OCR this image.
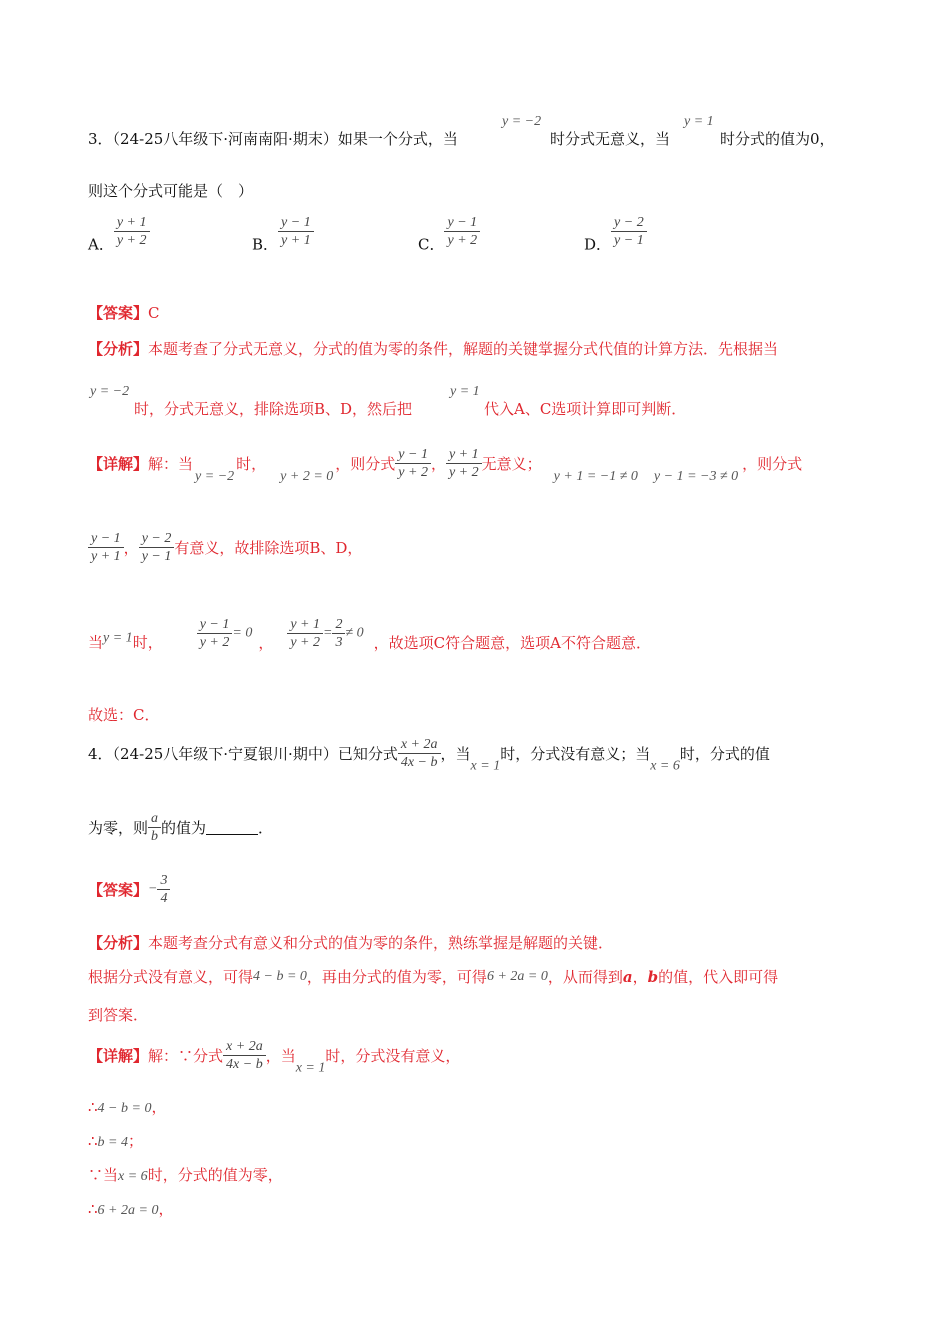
3．（24-25八年级下·河南南阳·期末）如果一个分式，当
y = −2
时分式无意义，当
y = 1
时分式的值为0，
则这个分式可能是（　）
A． $\frac{y + 1}{y + 2}$	B． $\frac{y - 1}{y + 1}$	C． $\frac{y - 1}{y + 2}$	D． $\frac{y - 2}{y - 1}$
【答案】C
【分析】本题考查了分式无意义，分式的值为零的条件，解题的关键掌握分式代值的计算方法．先根据当
y = −2
时，分式无意义，排除选项B、D，然后把
y = 1
代入A、C选项计算即可判断．
【详解】解：当y = −2时，y + 2 = 0，则分式 $\frac{y - 1}{y + 2}$ ， $\frac{y + 1}{y + 2}$ 无意义；y + 1 = −1 ≠ 0 y − 1 = −3 ≠ 0，则分式
$\frac{y - 1}{y + 1}$ ， $\frac{y - 2}{y - 1}$ 有意义，故排除选项B、D，
当y = 1时， $\frac{y - 1}{y + 2} = 0$， $\frac{y + 1}{y + 2} = \frac{2}{3} \ne 0$，故选项C符合题意，选项A不符合题意．
故选：C．
4．（24-25八年级下·宁夏银川·期中）已知分式 $\frac{x + 2a}{4x - b}$ ，当x = 1时，分式没有意义；当x = 6时，分式的值
为零，则 $\frac{a}{b}$ 的值为	．
【答案】− $\frac{3}{4}$
【分析】本题考查分式有意义和分式的值为零的条件，熟练掌握是解题的关键．
根据分式没有意义，可得4 − b = 0，再由分式的值为零，可得6 + 2a = 0，从而得到a，b的值，代入即可得
到答案．
【详解】解：∵分式 $\frac{x + 2a}{4x - b}$ ，当x = 1时，分式没有意义，
∴4 − b = 0，
∴b = 4；
∵当x = 6时，分式的值为零，
∴6 + 2a = 0，
